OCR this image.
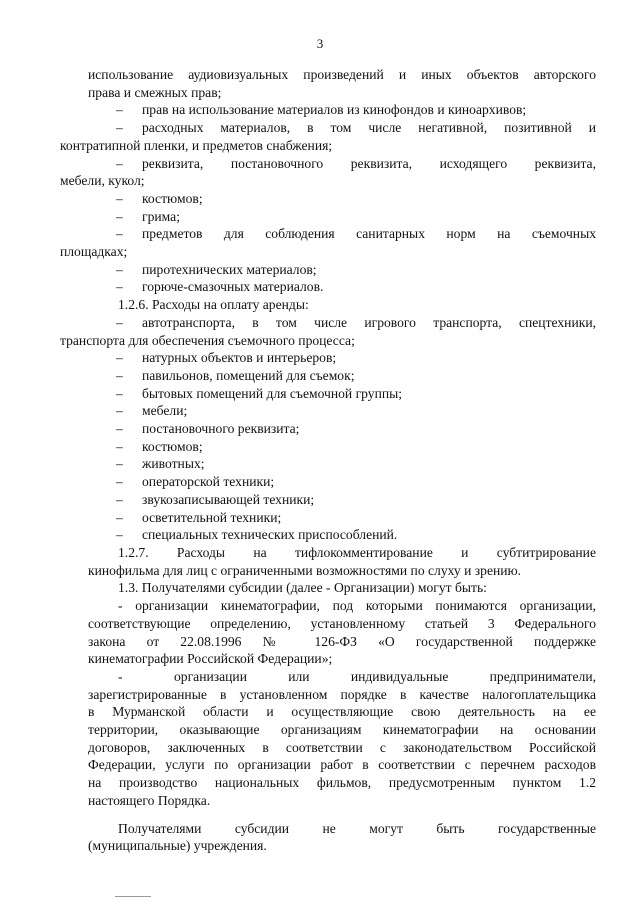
3
использование аудиовизуальных произведений и иных объектов авторского
права и смежных прав;
–	прав на использование материалов из кинофондов и киноархивов;
– расходных материалов, в том числе негативной, позитивной и
контратипной пленки, и предметов снабжения;
– реквизита, постановочного реквизита, исходящего реквизита,
мебели, кукол;
–	костюмов;
–	грима;
– предметов для соблюдения санитарных норм на съемочных
площадках;
–	пиротехнических материалов;
–	горюче-смазочных материалов.
1.2.6. Расходы на оплату аренды:
– автотранспорта, в том числе игрового транспорта, спецтехники,
транспорта для обеспечения съемочного процесса;
–	натурных объектов и интерьеров;
–	павильонов, помещений для съемок;
–	бытовых помещений для съемочной группы;
–	мебели;
–	постановочного реквизита;
–	костюмов;
–	животных;
–	операторской техники;
–	звукозаписывающей техники;
–	осветительной техники;
–	специальных технических приспособлений.
1.2.7. Расходы на тифлокомментирование и субтитрирование
кинофильма для лиц с ограниченными возможностями по слуху и зрению.
1.3. Получателями субсидии (далее - Организации) могут быть:
- организации кинематографии, под которыми понимаются организации,
соответствующие определению, установленному статьей 3 Федерального
закона от 22.08.1996 № 126-ФЗ «О государственной поддержке
кинематографии Российской Федерации»;
-	организации или индивидуальные предприниматели,
зарегистрированные в установленном порядке в качестве налогоплательщика
в Мурманской области и осуществляющие свою деятельность на ее
территории, оказывающие организациям кинематографии на основании
договоров, заключенных в соответствии с законодательством Российской
Федерации, услуги по организации работ в соответствии с перечнем расходов
на производство национальных фильмов, предусмотренным пунктом 1.2
настоящего Порядка.
Получателями субсидии не могут быть государственные
(муниципальные) учреждения.
